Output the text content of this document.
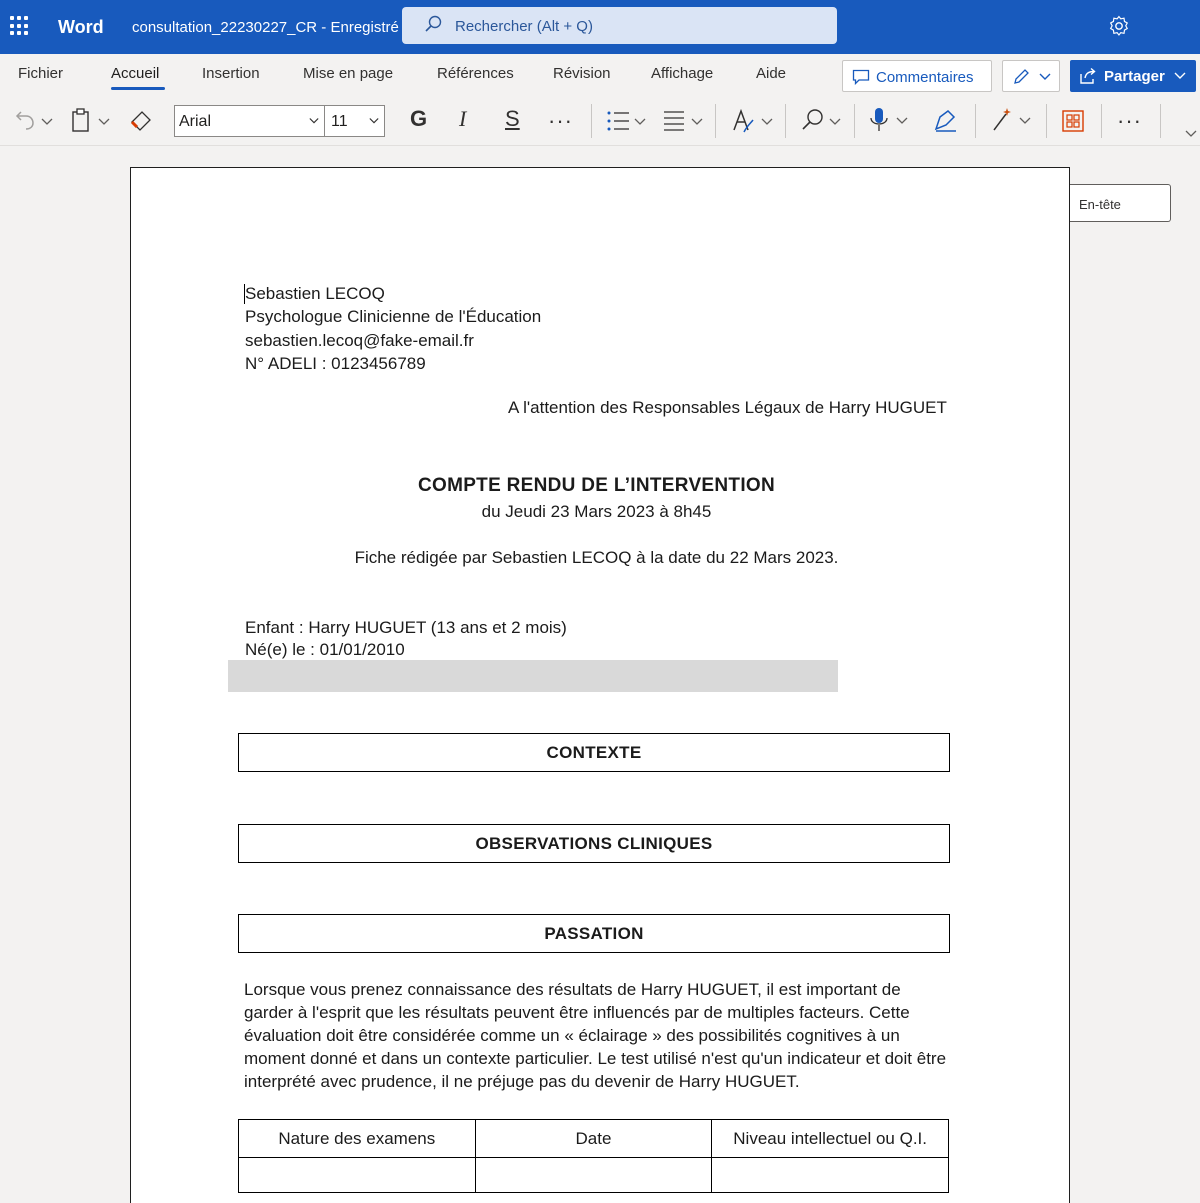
Word consultation_22230227_CR - Enregistré	Rechercher (Alt + Q)
Fichier	Accueil	Insertion	Mise en page	Références	Révision	Affichage	Aide	Commentaires	Partager
Arial	11	G I S ···	···
En-tête
Sebastien LECOQ
Psychologue Clinicienne de l'Éducation
sebastien.lecoq@fake-email.fr
N° ADELI : 0123456789
A l'attention des Responsables Légaux de Harry HUGUET
COMPTE RENDU DE L’INTERVENTION
du Jeudi 23 Mars 2023 à 8h45
Fiche rédigée par Sebastien LECOQ à la date du 22 Mars 2023.
Enfant : Harry HUGUET (13 ans et 2 mois)
Né(e) le : 01/01/2010
CONTEXTE
OBSERVATIONS CLINIQUES
PASSATION
Lorsque vous prenez connaissance des résultats de Harry HUGUET, il est important de
garder à l'esprit que les résultats peuvent être influencés par de multiples facteurs. Cette
évaluation doit être considérée comme un « éclairage » des possibilités cognitives à un
moment donné et dans un contexte particulier. Le test utilisé n'est qu'un indicateur et doit être
interprété avec prudence, il ne préjuge pas du devenir de Harry HUGUET.
Nature des examens	Date	Niveau intellectuel ou Q.I.
